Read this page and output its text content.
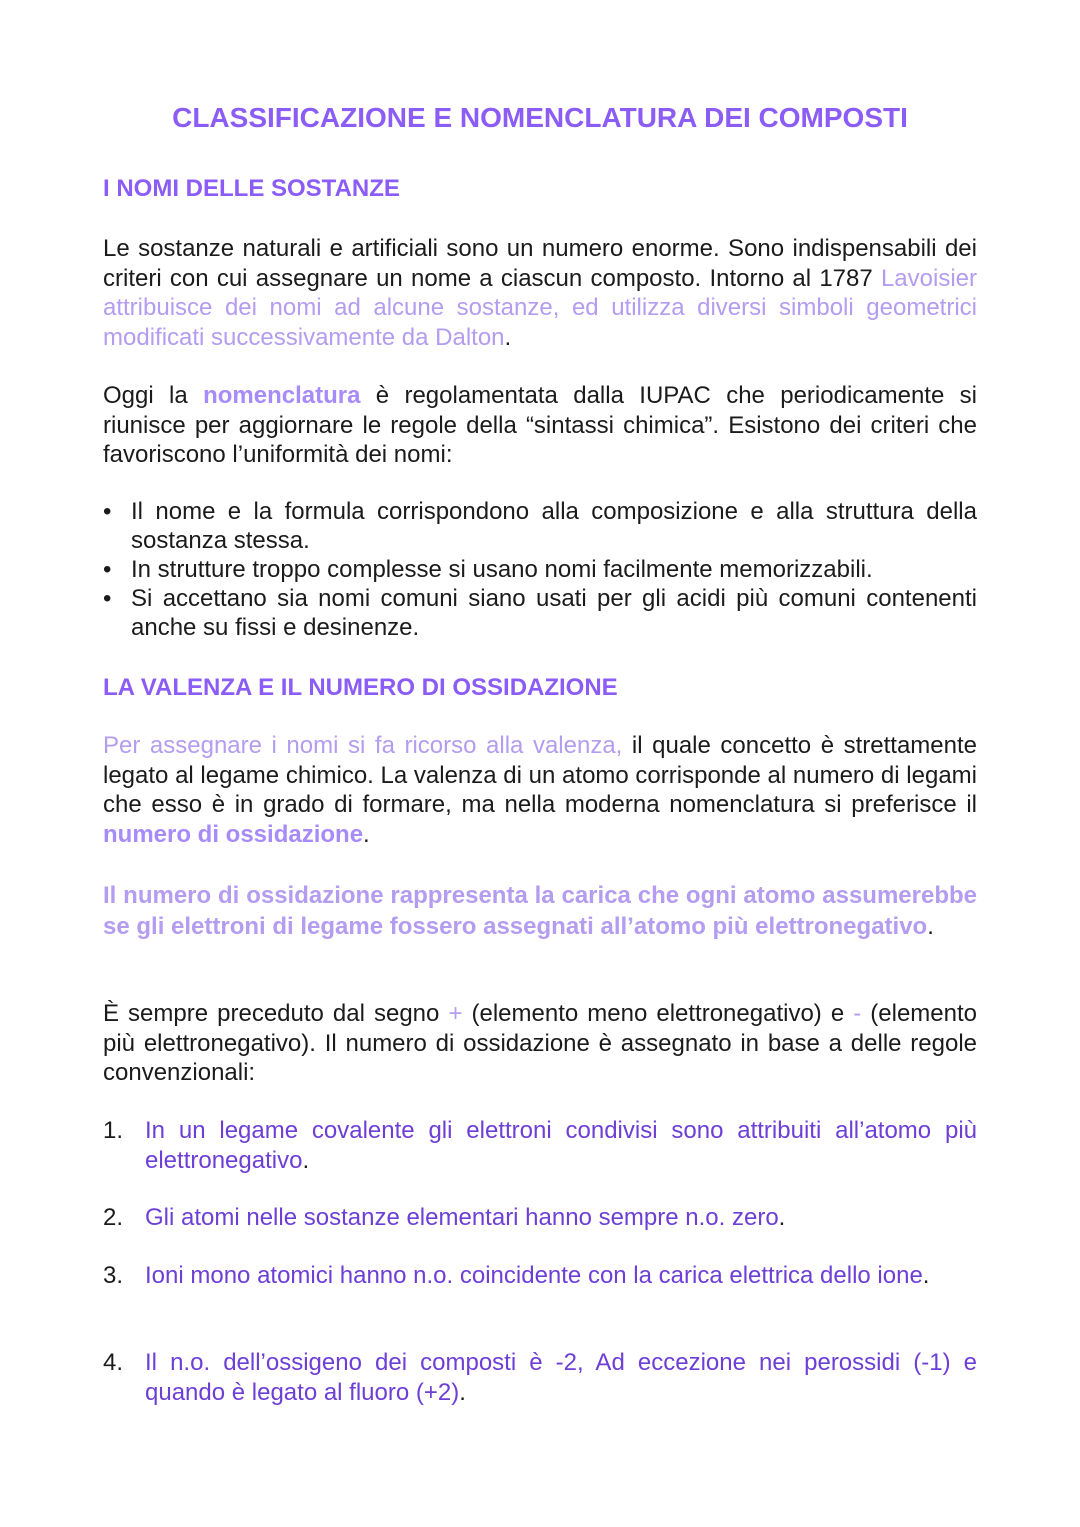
CLASSIFICAZIONE E NOMENCLATURA DEI COMPOSTI
I NOMI DELLE SOSTANZE

Le sostanze naturali e artificiali sono un numero enorme. Sono indispensabili dei criteri con cui assegnare un nome a ciascun composto. Intorno al 1787 Lavoisier attribuisce dei nomi ad alcune sostanze, ed utilizza diversi simboli geometrici modificati successivamente da Dalton.

Oggi la nomenclatura è regolamentata dalla IUPAC che periodicamente si riunisce per aggiornare le regole della “sintassi chimica”. Esistono dei criteri che favoriscono l’uniformità dei nomi:

• Il nome e la formula corrispondono alla composizione e alla struttura della sostanza stessa.
• In strutture troppo complesse si usano nomi facilmente memorizzabili.
• Si accettano sia nomi comuni siano usati per gli acidi più comuni contenenti anche su fissi e desinenze.
LA VALENZA E IL NUMERO DI OSSIDAZIONE

Per assegnare i nomi si fa ricorso alla valenza, il quale concetto è strettamente legato al legame chimico. La valenza di un atomo corrisponde al numero di legami che esso è in grado di formare, ma nella moderna nomenclatura si preferisce il numero di ossidazione.

Il numero di ossidazione rappresenta la carica che ogni atomo assumerebbe se gli elettroni di legame fossero assegnati all’atomo più elettronegativo.

È sempre preceduto dal segno + (elemento meno elettronegativo) e - (elemento più elettronegativo). Il numero di ossidazione è assegnato in base a delle regole convenzionali:

1. In un legame covalente gli elettroni condivisi sono attribuiti all’atomo più elettronegativo.
2. Gli atomi nelle sostanze elementari hanno sempre n.o. zero.
3. Ioni mono atomici hanno n.o. coincidente con la carica elettrica dello ione.
4. Il n.o. dell’ossigeno dei composti è -2, Ad eccezione nei perossidi (-1) e quando è legato al fluoro (+2).
